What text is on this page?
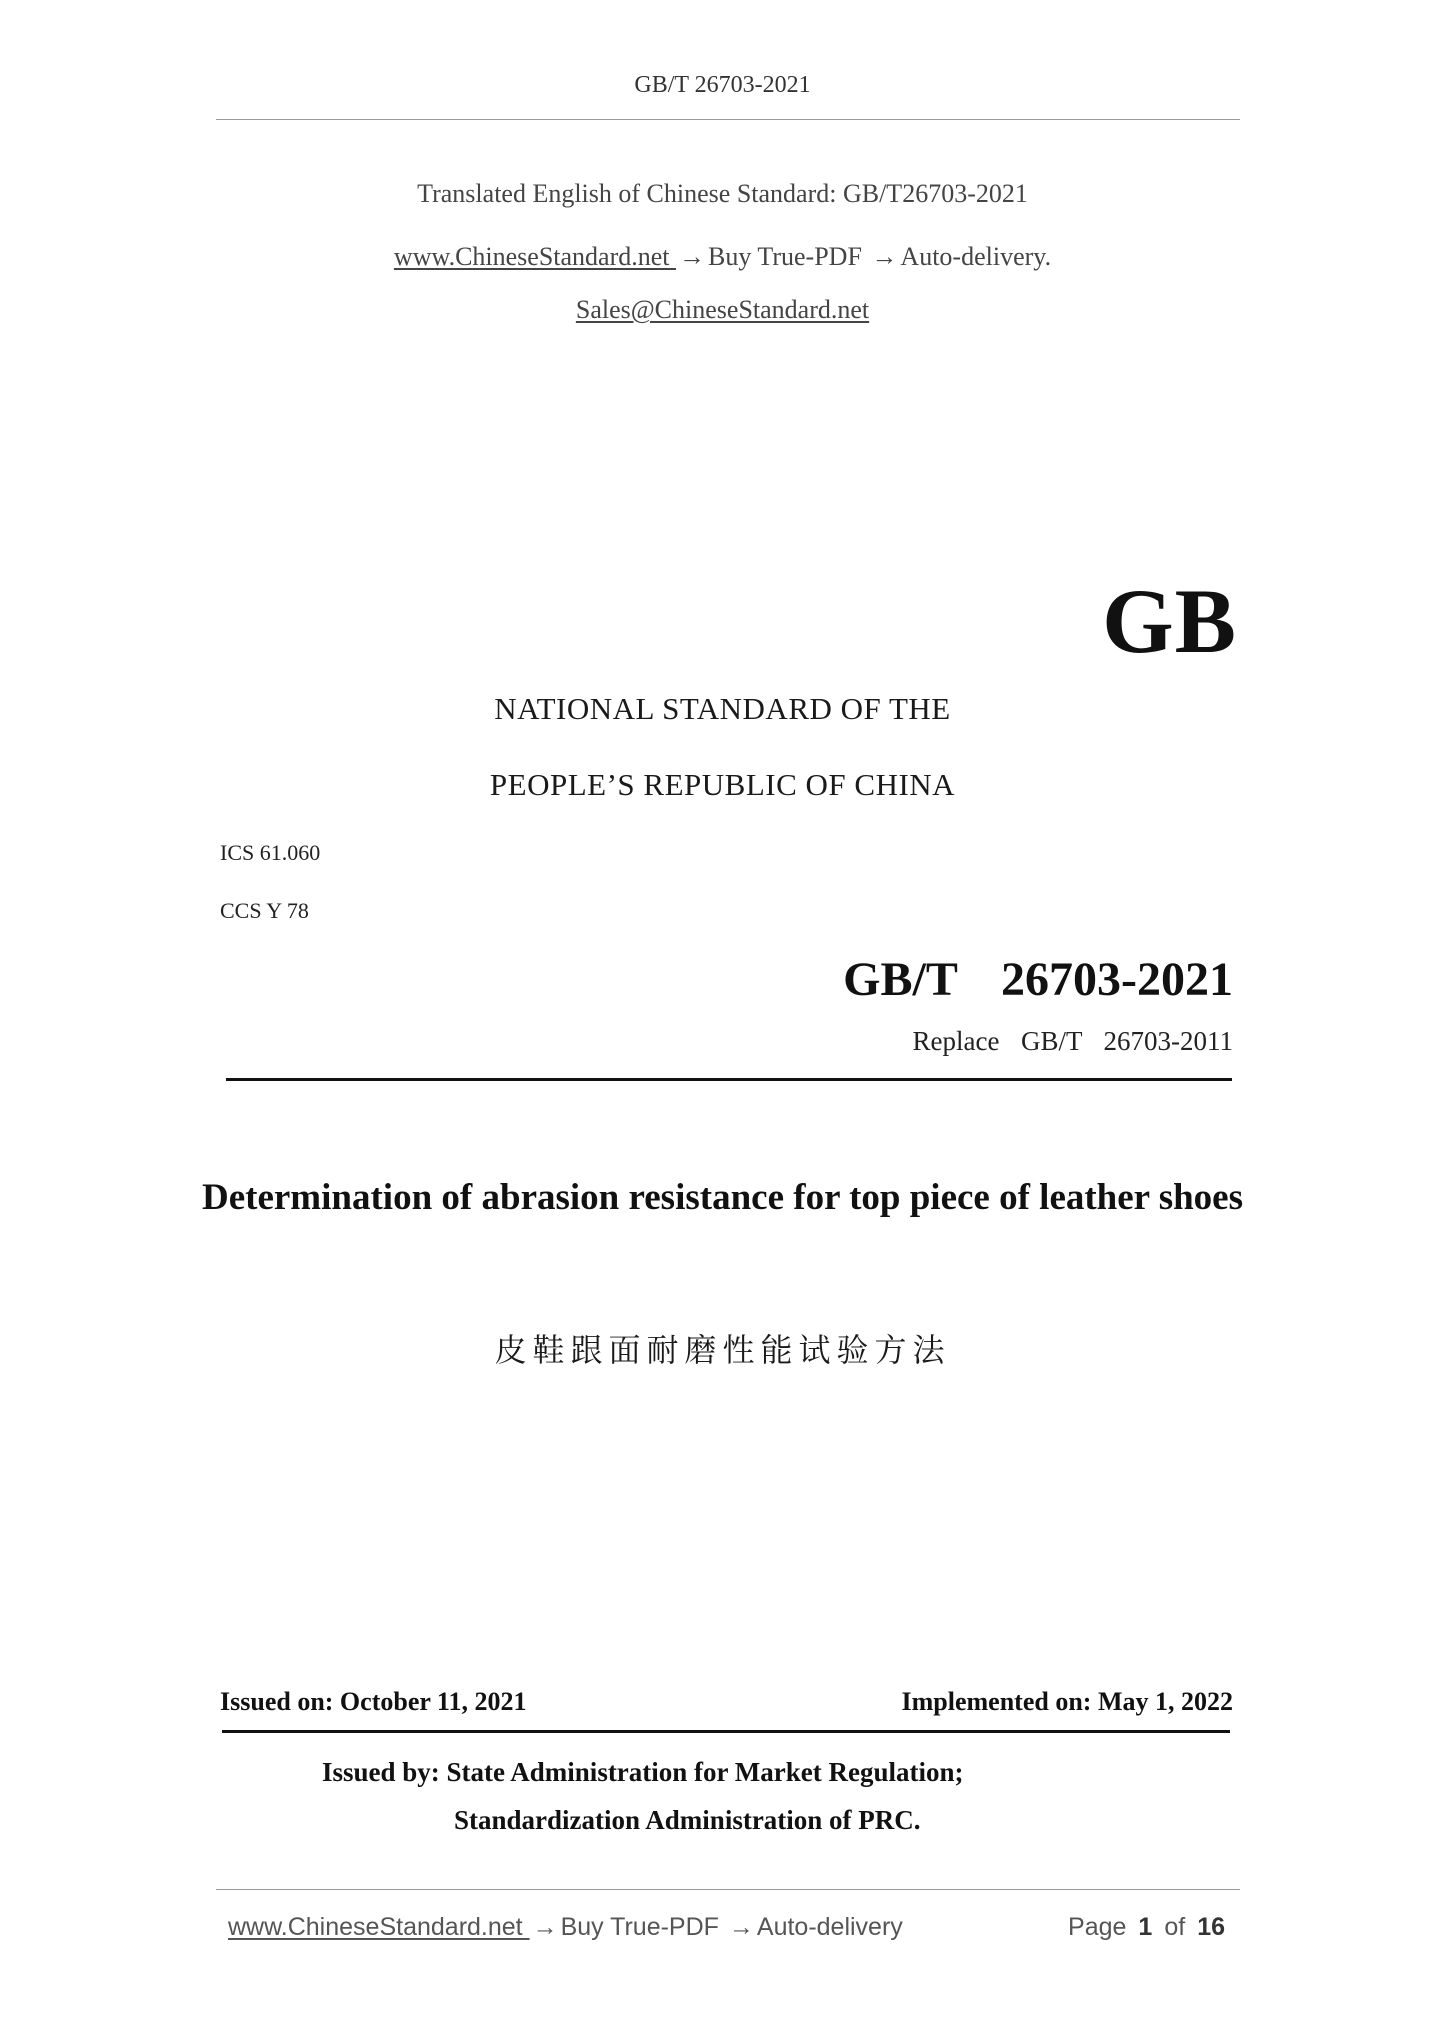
GB/T 26703-2021
Translated English of Chinese Standard: GB/T26703-2021
www.ChineseStandard.net → Buy True-PDF → Auto-delivery.
Sales@ChineseStandard.net
GB
NATIONAL STANDARD OF THE
PEOPLE’S REPUBLIC OF CHINA
ICS 61.060
CCS Y 78
GB/T  26703-2021
Replace  GB/T  26703-2011
Determination of abrasion resistance for top piece of leather shoes
皮鞋跟面耐磨性能试验方法
Issued on: October 11, 2021	Implemented on: May 1, 2022
Issued by: State Administration for Market Regulation;
Standardization Administration of PRC.
www.ChineseStandard.net → Buy True-PDF → Auto-delivery	Page 1 of 16
